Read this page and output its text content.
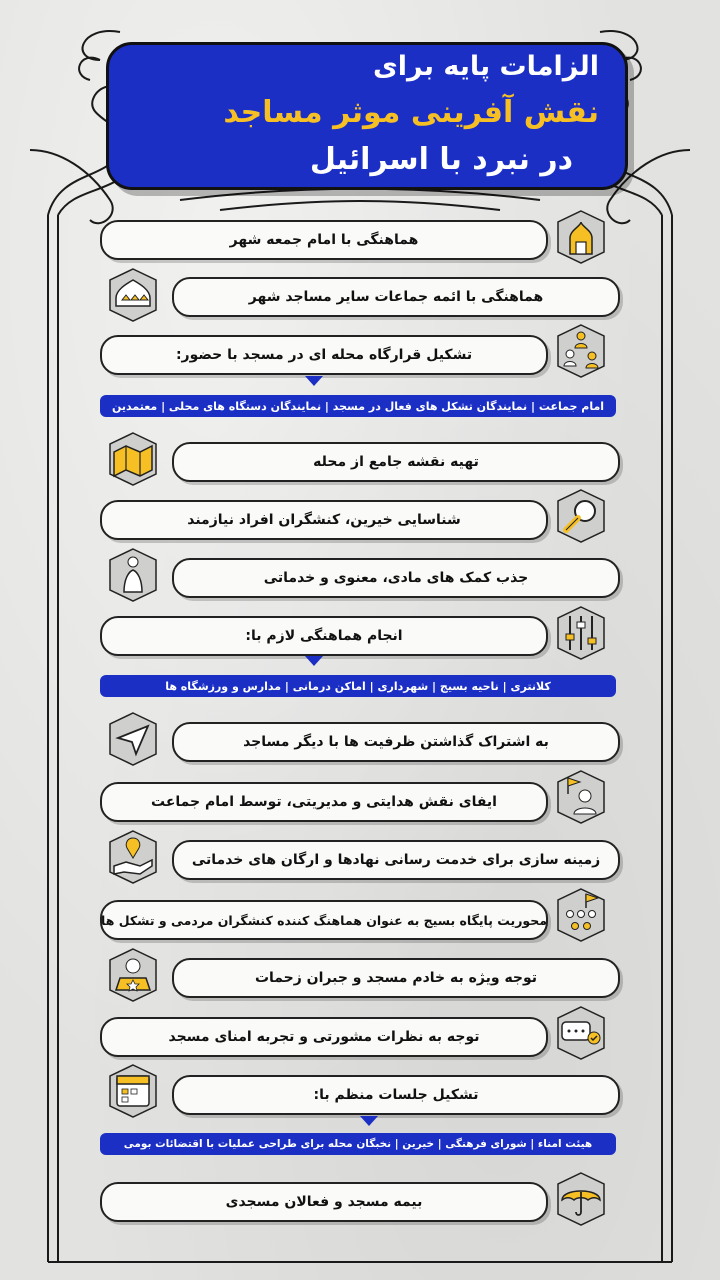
الزامات پایه برای
نقش آفرینی موثر مساجد
در نبرد با اسرائیل
هماهنگی با امام جمعه شهر
هماهنگی با ائمه جماعات سایر مساجد شهر
تشکیل قرارگاه محله ای در مسجد با حضور:
امام جماعت | نمایندگان تشکل های فعال در مسجد | نمایندگان دستگاه های محلی | معتمدین
تهیه نقشه جامع از محله
شناسایی خیرین، کنشگران افراد نیازمند
جذب کمک های مادی، معنوی و خدماتی
انجام هماهنگی لازم با:
کلانتری | ناحیه بسیج | شهرداری | اماکن درمانی | مدارس و ورزشگاه ها
به اشتراک گذاشتن ظرفیت ها با دیگر مساجد
ایفای نقش هدایتی و مدیریتی، توسط امام جماعت
زمینه سازی برای خدمت رسانی نهادها و ارگان های خدماتی
محوریت پایگاه بسیج به عنوان هماهنگ کننده کنشگران مردمی و تشکل ها
توجه ویژه به خادم مسجد و جبران زحمات
توجه به نظرات مشورتی و تجربه امنای مسجد
تشکیل جلسات منظم با:
هیئت امناء | شورای فرهنگی | خیرین | نخبگان محله برای طراحی عملیات با اقتضائات بومی
بیمه مسجد و فعالان مسجدی
